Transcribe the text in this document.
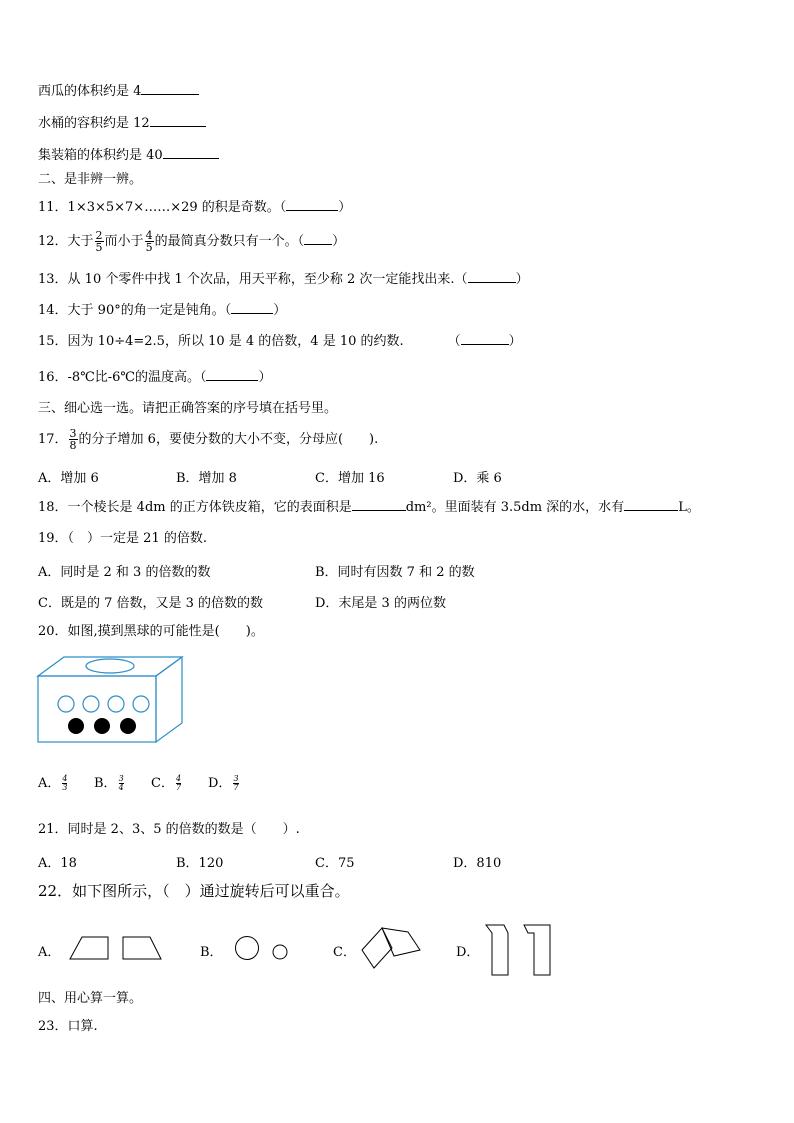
西瓜的体积约是 4
水桶的容积约是 12
集装箱的体积约是 40
二、是非辨一辨。
11．1×3×5×7×……×29 的积是奇数。（	）
12．大于 $\frac{2}{5}$ 而小于 $\frac{4}{5}$ 的最简真分数只有一个。（ ）
13．从 10 个零件中找 1 个次品，用天平称，至少称 2 次一定能找出来.（	）
14．大于 90°的角一定是钝角。（	）
15．因为 10÷4=2.5，所以 10 是 4 的倍数，4 是 10 的约数.	（	）
16．-8℃比-6℃的温度高。（	）
三、细心选一选。请把正确答案的序号填在括号里。
17． $\frac{3}{8}$ 的分子增加 6，要使分数的大小不变，分母应(　　).
A．增加 6	B．增加 8	C．增加 16	D．乘 6
18．一个棱长是 4dm 的正方体铁皮箱，它的表面积是	dm²。里面装有 3.5dm 深的水，水有	L。
19．（　）一定是 21 的倍数.
A．同时是 2 和 3 的倍数的数	B．同时有因数 7 和 2 的数
C．既是的 7 倍数，又是 3 的倍数的数	D．末尾是 3 的两位数
20．如图,摸到黑球的可能性是(　　)。
A． $\frac{4}{3}$ B． $\frac{3}{4}$ C． $\frac{4}{7}$ D． $\frac{3}{7}$
21．同时是 2、3、5 的倍数的数是（　　）.
A．18	B．120	C．75	D．810
22．如下图所示，（　）通过旋转后可以重合。
A．	B．	C．	D．
四、用心算一算。
23．口算.
